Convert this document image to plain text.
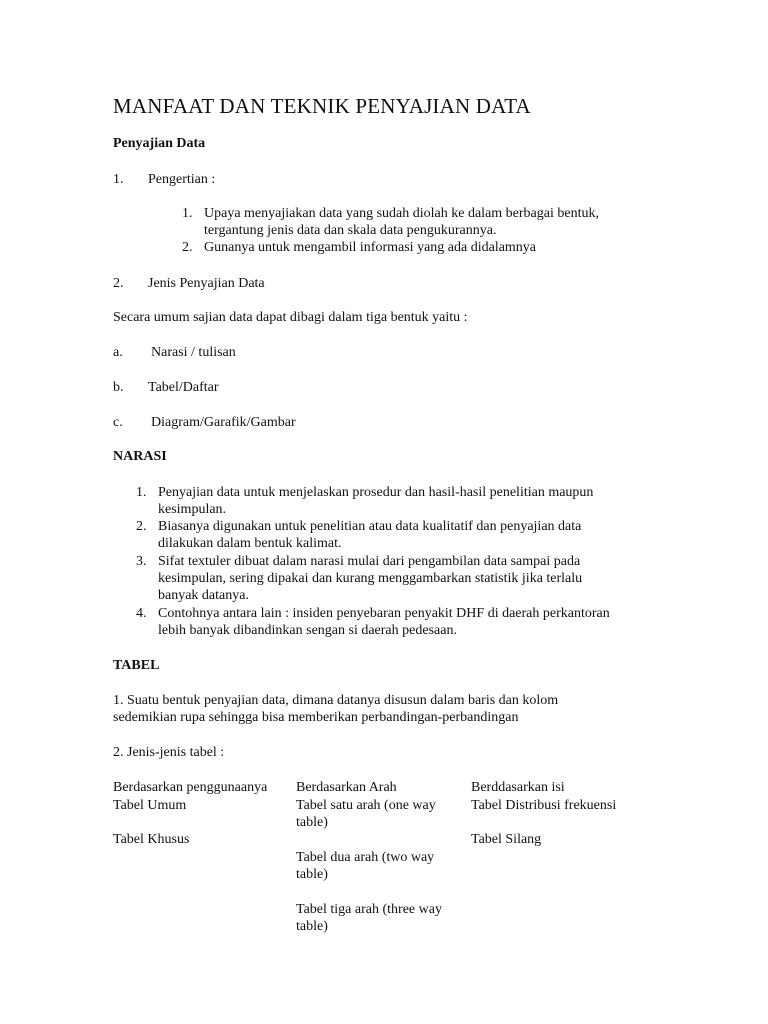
MANFAAT DAN TEKNIK PENYAJIAN DATA
Penyajian Data
1. Pengertian :
1. Upaya menyajiakan data yang sudah diolah ke dalam berbagai bentuk,
tergantung jenis data dan skala data pengukurannya.
2. Gunanya untuk mengambil informasi yang ada didalamnya
2. Jenis Penyajian Data
Secara umum sajian data dapat dibagi dalam tiga bentuk yaitu :
a. Narasi / tulisan
b. Tabel/Daftar
c. Diagram/Garafik/Gambar
NARASI
1. Penyajian data untuk menjelaskan prosedur dan hasil-hasil penelitian maupun
kesimpulan.
2. Biasanya digunakan untuk penelitian atau data kualitatif dan penyajian data
dilakukan dalam bentuk kalimat.
3. Sifat textuler dibuat dalam narasi mulai dari pengambilan data sampai pada
kesimpulan, sering dipakai dan kurang menggambarkan statistik jika terlalu
banyak datanya.
4. Contohnya antara lain : insiden penyebaran penyakit DHF di daerah perkantoran
lebih banyak dibandinkan sengan si daerah pedesaan.
TABEL
1. Suatu bentuk penyajian data, dimana datanya disusun dalam baris dan kolom
sedemikian rupa sehingga bisa memberikan perbandingan-perbandingan
2. Jenis-jenis tabel :
Berdasarkan penggunaanya Berdasarkan Arah	Berddasarkan isi
Tabel Umum
Tabel Khusus
Tabel satu arah (one way
table)
Tabel dua arah (two way
table)
Tabel tiga arah (three way
table)
Tabel Distribusi frekuensi
Tabel Silang
